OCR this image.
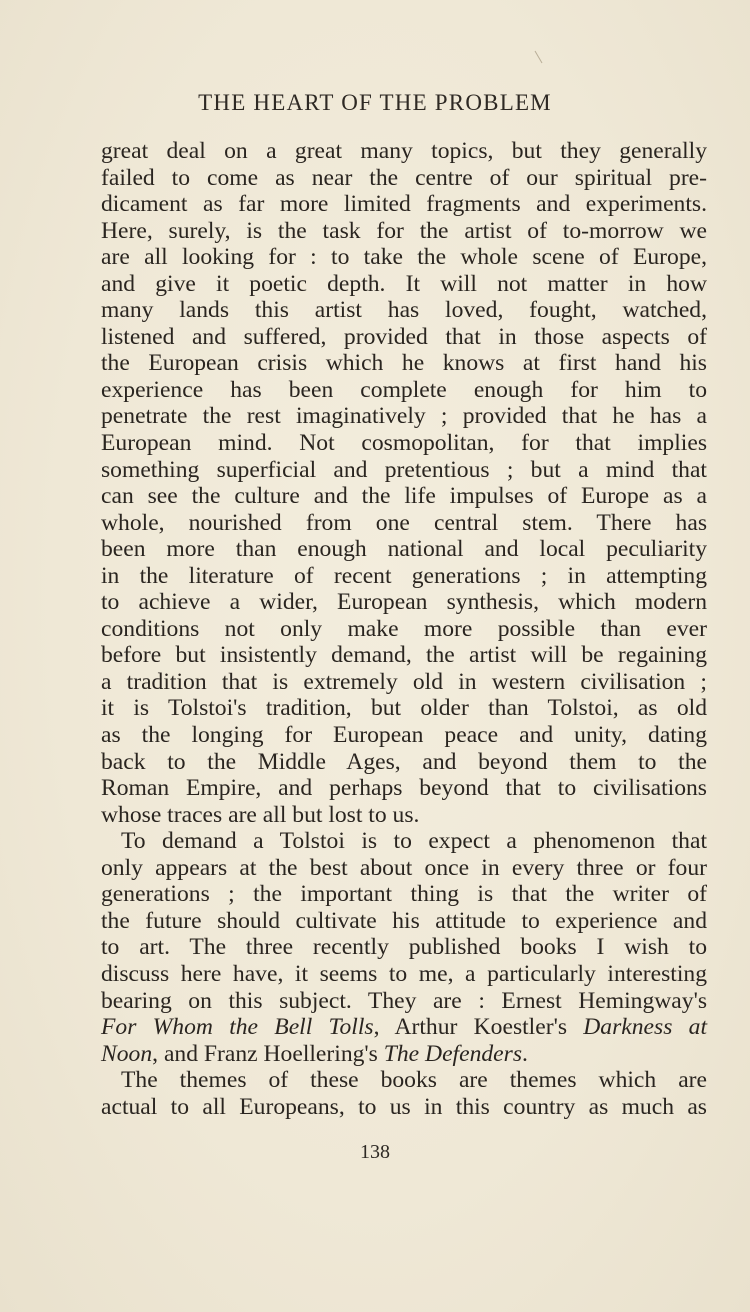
THE HEART OF THE PROBLEM
great deal on a great many topics, but they generally
failed to come as near the centre of our spiritual pre-
dicament as far more limited fragments and experiments.
Here, surely, is the task for the artist of to-morrow we
are all looking for : to take the whole scene of Europe,
and give it poetic depth. It will not matter in how
many lands this artist has loved, fought, watched,
listened and suffered, provided that in those aspects of
the European crisis which he knows at first hand his
experience has been complete enough for him to
penetrate the rest imaginatively ; provided that he has a
European mind. Not cosmopolitan, for that implies
something superficial and pretentious ; but a mind that
can see the culture and the life impulses of Europe as a
whole, nourished from one central stem. There has
been more than enough national and local peculiarity
in the literature of recent generations ; in attempting
to achieve a wider, European synthesis, which modern
conditions not only make more possible than ever
before but insistently demand, the artist will be regaining
a tradition that is extremely old in western civilisation ;
it is Tolstoi's tradition, but older than Tolstoi, as old
as the longing for European peace and unity, dating
back to the Middle Ages, and beyond them to the
Roman Empire, and perhaps beyond that to civilisations
whose traces are all but lost to us.
To demand a Tolstoi is to expect a phenomenon that
only appears at the best about once in every three or four
generations ; the important thing is that the writer of
the future should cultivate his attitude to experience and
to art. The three recently published books I wish to
discuss here have, it seems to me, a particularly interesting
bearing on this subject. They are : Ernest Hemingway's
For Whom the Bell Tolls, Arthur Koestler's Darkness at
Noon, and Franz Hoellering's The Defenders.
The themes of these books are themes which are
actual to all Europeans, to us in this country as much as
138
